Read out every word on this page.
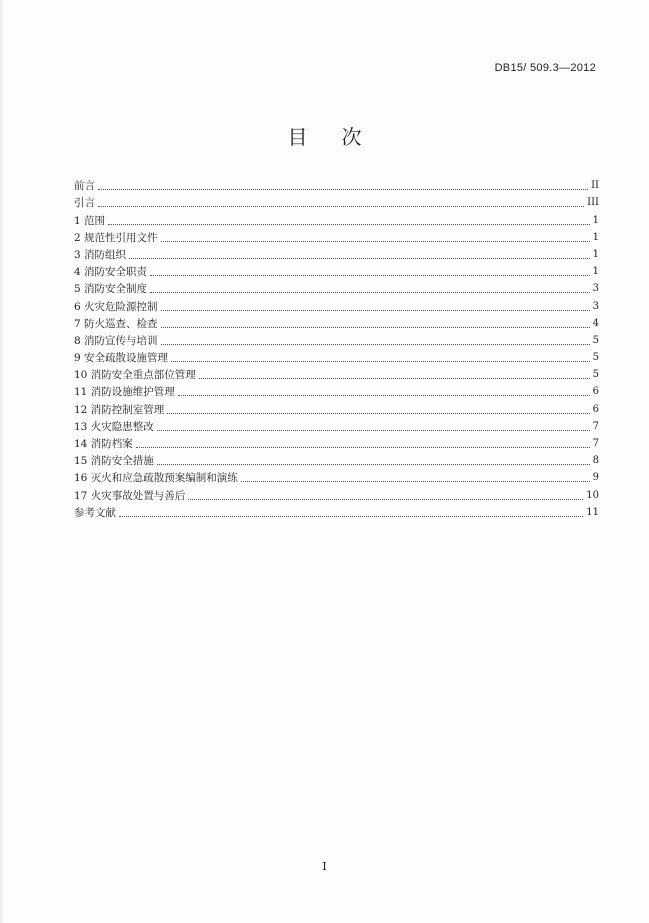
DB15/ 509.3—2012
目次
前言	II
引言	III
1 范围	1
2 规范性引用文件	1
3 消防组织	1
4 消防安全职责	1
5 消防安全制度	3
6 火灾危险源控制	3
7 防火巡查、检查	4
8 消防宣传与培训	5
9 安全疏散设施管理	5
10 消防安全重点部位管理	5
11 消防设施维护管理	6
12 消防控制室管理	6
13 火灾隐患整改	7
14 消防档案	7
15 消防安全措施	8
16 灭火和应急疏散预案编制和演练	9
17 火灾事故处置与善后	10
参考文献	11
I
